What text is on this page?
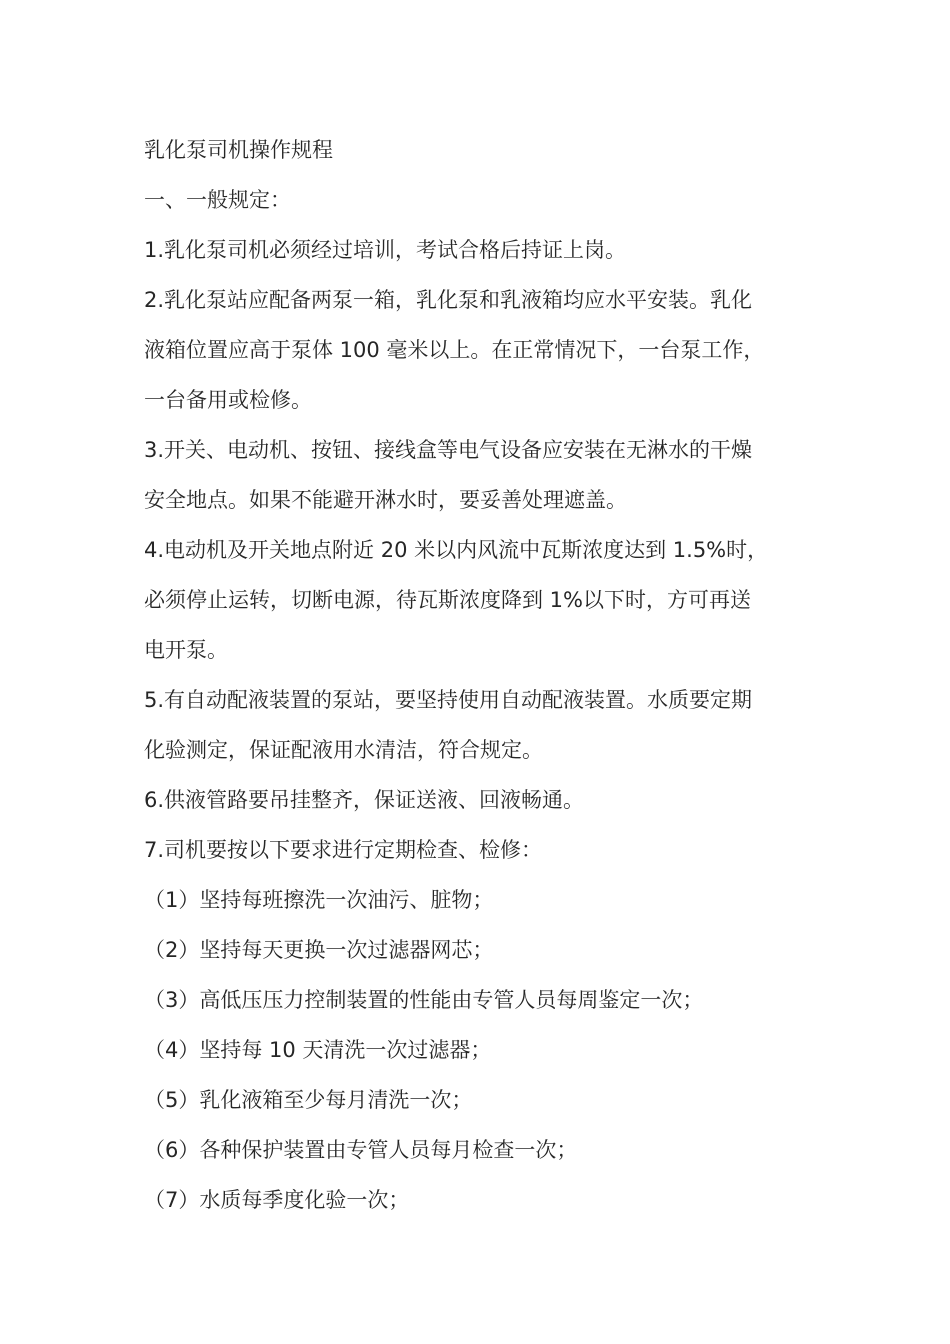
乳化泵司机操作规程
一、一般规定：
1.乳化泵司机必须经过培训，考试合格后持证上岗。
2.乳化泵站应配备两泵一箱，乳化泵和乳液箱均应水平安装。乳化
液箱位置应高于泵体 100 毫米以上。在正常情况下，一台泵工作，
一台备用或检修。
3.开关、电动机、按钮、接线盒等电气设备应安装在无淋水的干燥
安全地点。如果不能避开淋水时，要妥善处理遮盖。
4.电动机及开关地点附近 20 米以内风流中瓦斯浓度达到 1.5%时，
必须停止运转，切断电源，待瓦斯浓度降到 1%以下时，方可再送
电开泵。
5.有自动配液装置的泵站，要坚持使用自动配液装置。水质要定期
化验测定，保证配液用水清洁，符合规定。
6.供液管路要吊挂整齐，保证送液、回液畅通。
7.司机要按以下要求进行定期检查、检修：
（1）坚持每班擦洗一次油污、脏物；
（2）坚持每天更换一次过滤器网芯；
（3）高低压压力控制装置的性能由专管人员每周鉴定一次；
（4）坚持每 10 天清洗一次过滤器；
（5）乳化液箱至少每月清洗一次；
（6）各种保护装置由专管人员每月检查一次；
（7）水质每季度化验一次；
